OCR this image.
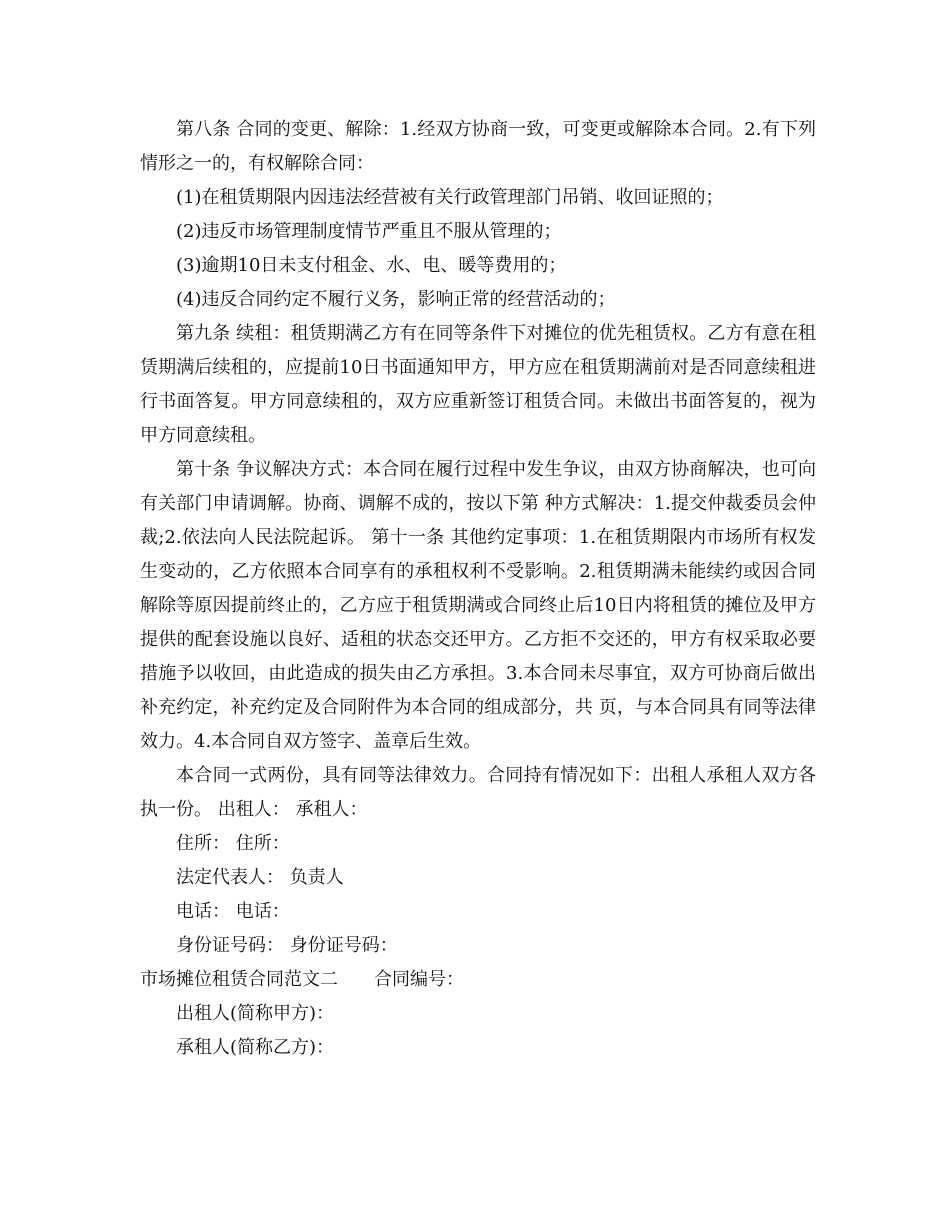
第八条 合同的变更、解除：1.经双方协商一致，可变更或解除本合同。2.有下列情形之一的，有权解除合同：

(1)在租赁期限内因违法经营被有关行政管理部门吊销、收回证照的；

(2)违反市场管理制度情节严重且不服从管理的；

(3)逾期10日未支付租金、水、电、暖等费用的；

(4)违反合同约定不履行义务，影响正常的经营活动的；

第九条 续租：租赁期满乙方有在同等条件下对摊位的优先租赁权。乙方有意在租赁期满后续租的，应提前10日书面通知甲方，甲方应在租赁期满前对是否同意续租进行书面答复。甲方同意续租的，双方应重新签订租赁合同。未做出书面答复的，视为甲方同意续租。

第十条 争议解决方式：本合同在履行过程中发生争议，由双方协商解决，也可向有关部门申请调解。协商、调解不成的，按以下第 种方式解决：1.提交仲裁委员会仲裁;2.依法向人民法院起诉。 第十一条 其他约定事项：1.在租赁期限内市场所有权发生变动的，乙方依照本合同享有的承租权利不受影响。2.租赁期满未能续约或因合同解除等原因提前终止的，乙方应于租赁期满或合同终止后10日内将租赁的摊位及甲方提供的配套设施以良好、适租的状态交还甲方。乙方拒不交还的，甲方有权采取必要措施予以收回，由此造成的损失由乙方承担。3.本合同未尽事宜，双方可协商后做出补充约定，补充约定及合同附件为本合同的组成部分，共 页，与本合同具有同等法律效力。4.本合同自双方签字、盖章后生效。

本合同一式两份，具有同等法律效力。合同持有情况如下：出租人承租人双方各执一份。 出租人： 承租人：

住所： 住所：

法定代表人： 负责人

电话： 电话：

身份证号码： 身份证号码：

市场摊位租赁合同范文二　　合同编号：

出租人(简称甲方)：

承租人(简称乙方)：
